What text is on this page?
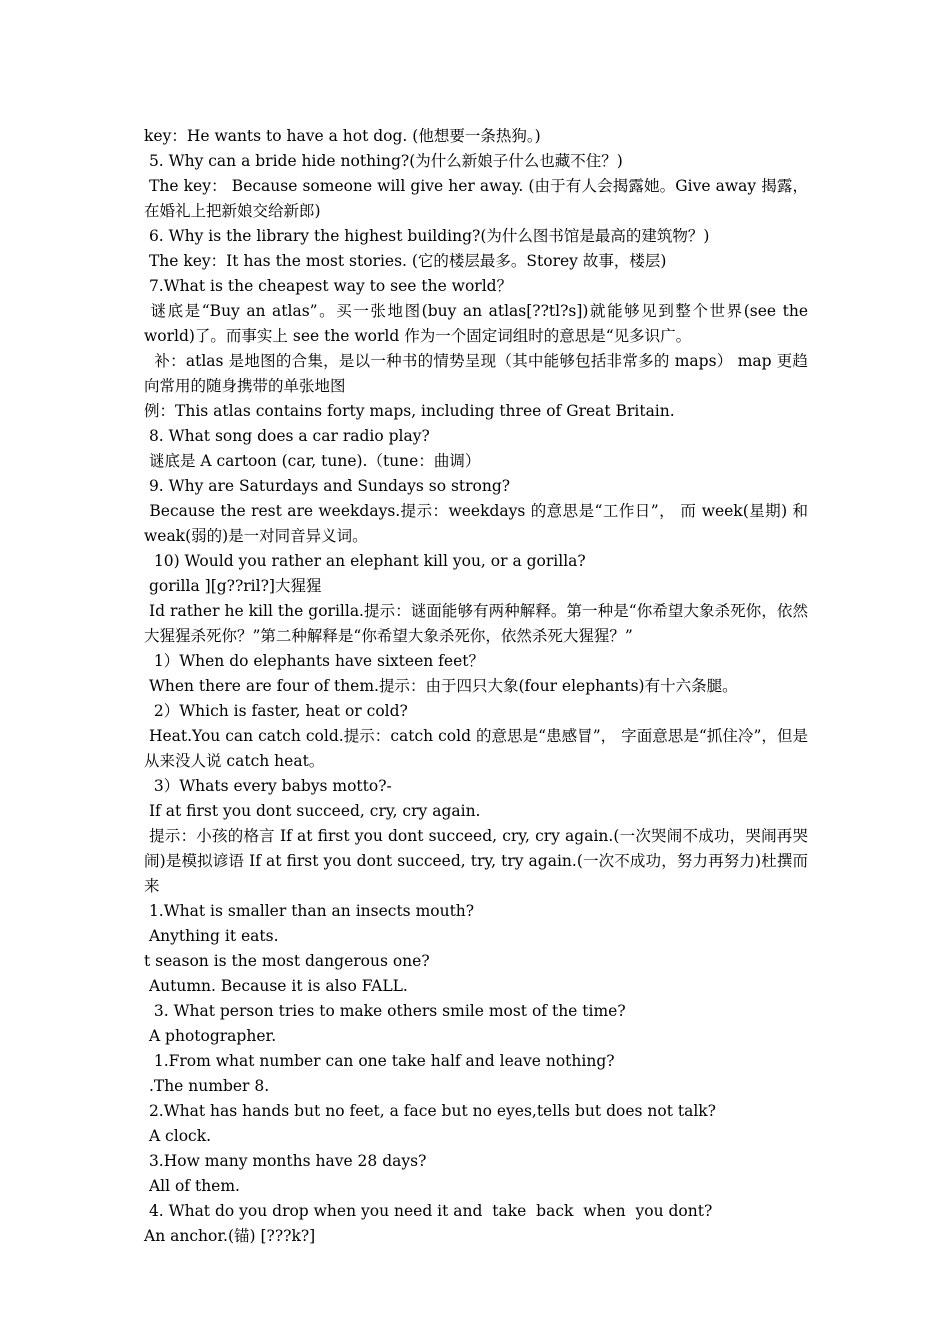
key：He wants to have a hot dog. (他想要一条热狗。)

5. Why can a bride hide nothing?(为什么新娘子什么也藏不住？)

The key： Because someone will give her away. (由于有人会揭露她。Give away 揭露，在婚礼上把新娘交给新郎)

6. Why is the library the highest building?(为什么图书馆是最高的建筑物？)

The key：It has the most stories. (它的楼层最多。Storey 故事，楼层)

7.What is the cheapest way to see the world？

谜底是“Buy an atlas”。买一张地图(buy an atlas[??tl?s])就能够见到整个世界(see the world)了。而事实上 see the world 作为一个固定词组时的意思是“见多识广。

补：atlas 是地图的合集，是以一种书的情势呈现（其中能够包括非常多的 maps） map 更趋向常用的随身携带的单张地图

例：This atlas contains forty maps, including three of Great Britain.

8. What song does a car radio play?

谜底是 A cartoon (car, tune).（tune：曲调）

9. Why are Saturdays and Sundays so strong?

Because the rest are weekdays.提示：weekdays 的意思是“工作日”， 而 week(星期) 和 weak(弱的)是一对同音异义词。

10) Would you rather an elephant kill you, or a gorilla?

gorilla ][g??ril?]大猩猩

Id rather he kill the gorilla.提示：谜面能够有两种解释。第一种是“你希望大象杀死你，依然大猩猩杀死你？”第二种解释是“你希望大象杀死你，依然杀死大猩猩？”

1）When do elephants have sixteen feet？

When there are four of them.提示：由于四只大象(four elephants)有十六条腿。

2）Which is faster, heat or cold?

Heat.You can catch cold.提示：catch cold 的意思是“患感冒”， 字面意思是“抓住冷”，但是从来没人说 catch heat。

3）Whats every babys motto?-

If at first you dont succeed, cry, cry again.

提示：小孩的格言 If at first you dont succeed, cry, cry again.(一次哭闹不成功，哭闹再哭闹)是模拟谚语 If at first you dont succeed, try, try again.(一次不成功，努力再努力)杜撰而来

1.What is smaller than an insects mouth?

Anything it eats.

t season is the most dangerous one?

Autumn. Because it is also FALL.

3. What person tries to make others smile most of the time?

A photographer.

1.From what number can one take half and leave nothing?

.The number 8.

2.What has hands but no feet, a face but no eyes,tells but does not talk?

A clock.

3.How many months have 28 days?

All of them.

4. What do you drop when you need it and  take  back  when  you dont?

An anchor.(锚) [???k?]
